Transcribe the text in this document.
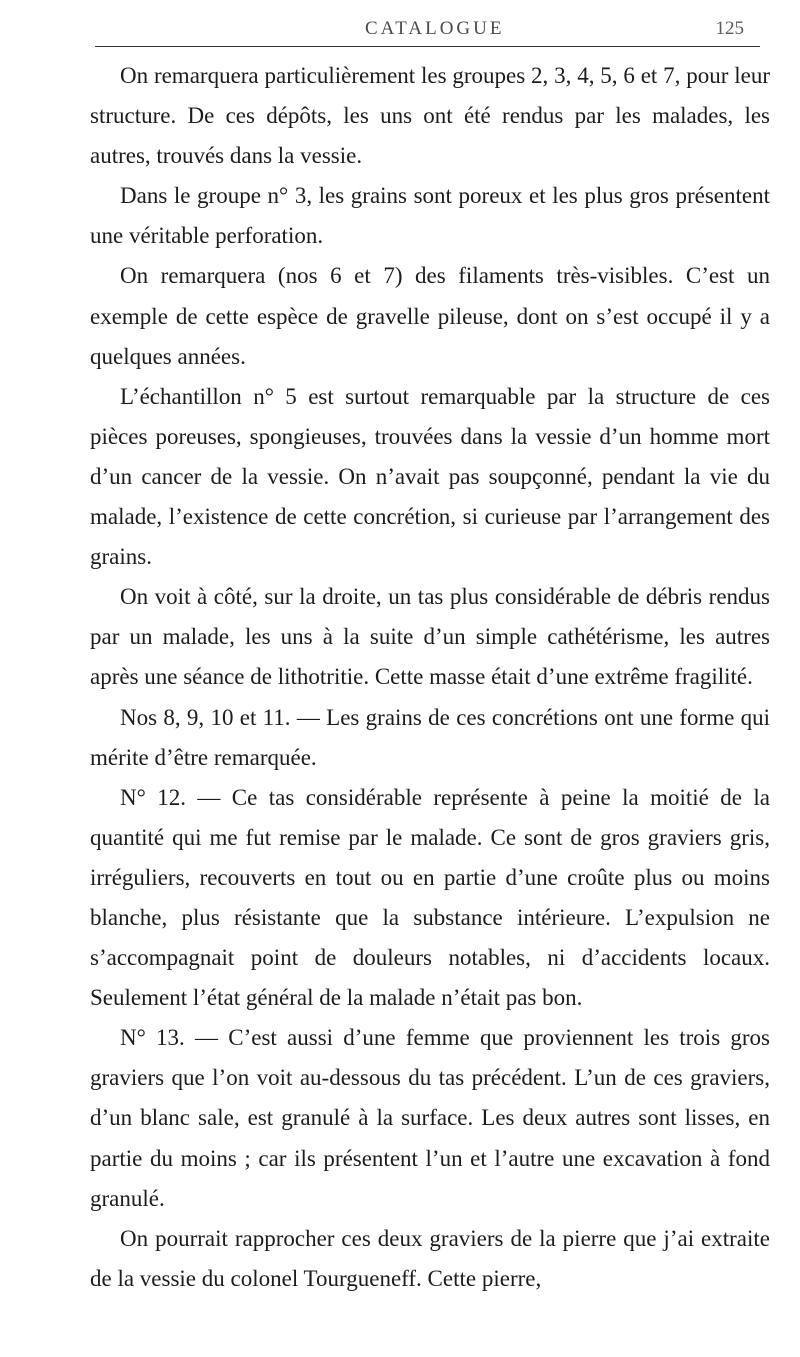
CATALOGUE	125

On remarquera particulièrement les groupes 2, 3, 4, 5, 6 et 7, pour leur structure. De ces dépôts, les uns ont été rendus par les malades, les autres, trouvés dans la vessie.

Dans le groupe n° 3, les grains sont poreux et les plus gros présentent une véritable perforation.

On remarquera (nos 6 et 7) des filaments très-visibles. C’est un exemple de cette espèce de gravelle pileuse, dont on s’est occupé il y a quelques années.

L’échantillon n° 5 est surtout remarquable par la structure de ces pièces poreuses, spongieuses, trouvées dans la vessie d’un homme mort d’un cancer de la vessie. On n’avait pas soupçonné, pendant la vie du malade, l’existence de cette concrétion, si curieuse par l’arrangement des grains.

On voit à côté, sur la droite, un tas plus considérable de débris rendus par un malade, les uns à la suite d’un simple cathétérisme, les autres après une séance de lithotritie. Cette masse était d’une extrême fragilité.

Nos 8, 9, 10 et 11. — Les grains de ces concrétions ont une forme qui mérite d’être remarquée.

N° 12. — Ce tas considérable représente à peine la moitié de la quantité qui me fut remise par le malade. Ce sont de gros graviers gris, irréguliers, recouverts en tout ou en partie d’une croûte plus ou moins blanche, plus résistante que la substance intérieure. L’expulsion ne s’accompagnait point de douleurs notables, ni d’accidents locaux. Seulement l’état général de la malade n’était pas bon.

N° 13. — C’est aussi d’une femme que proviennent les trois gros graviers que l’on voit au-dessous du tas précédent. L’un de ces graviers, d’un blanc sale, est granulé à la surface. Les deux autres sont lisses, en partie du moins ; car ils présentent l’un et l’autre une excavation à fond granulé.

On pourrait rapprocher ces deux graviers de la pierre que j’ai extraite de la vessie du colonel Tourgueneff. Cette pierre,
